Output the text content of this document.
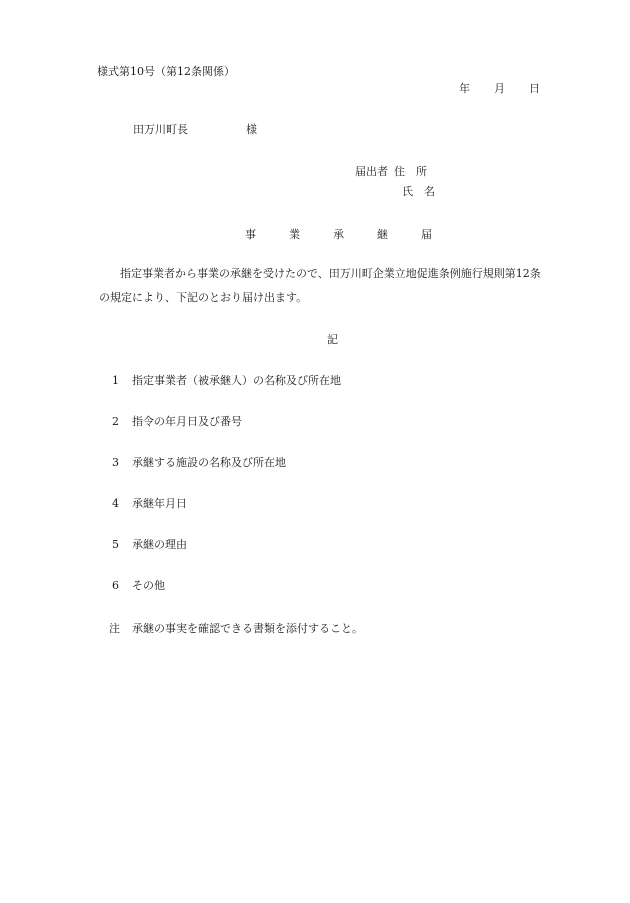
様式第10号（第12条関係）
年 月 日
田万川町長	様
届出者 住　所
氏　名
事	業	承	継	届
指定事業者から事業の承継を受けたので、田万川町企業立地促進条例施行規則第12条
の規定により、下記のとおり届け出ます。
記
1 指定事業者（被承継人）の名称及び所在地
2 指令の年月日及び番号
3 承継する施設の名称及び所在地
4 承継年月日
5 承継の理由
6 その他
注 承継の事実を確認できる書類を添付すること。
